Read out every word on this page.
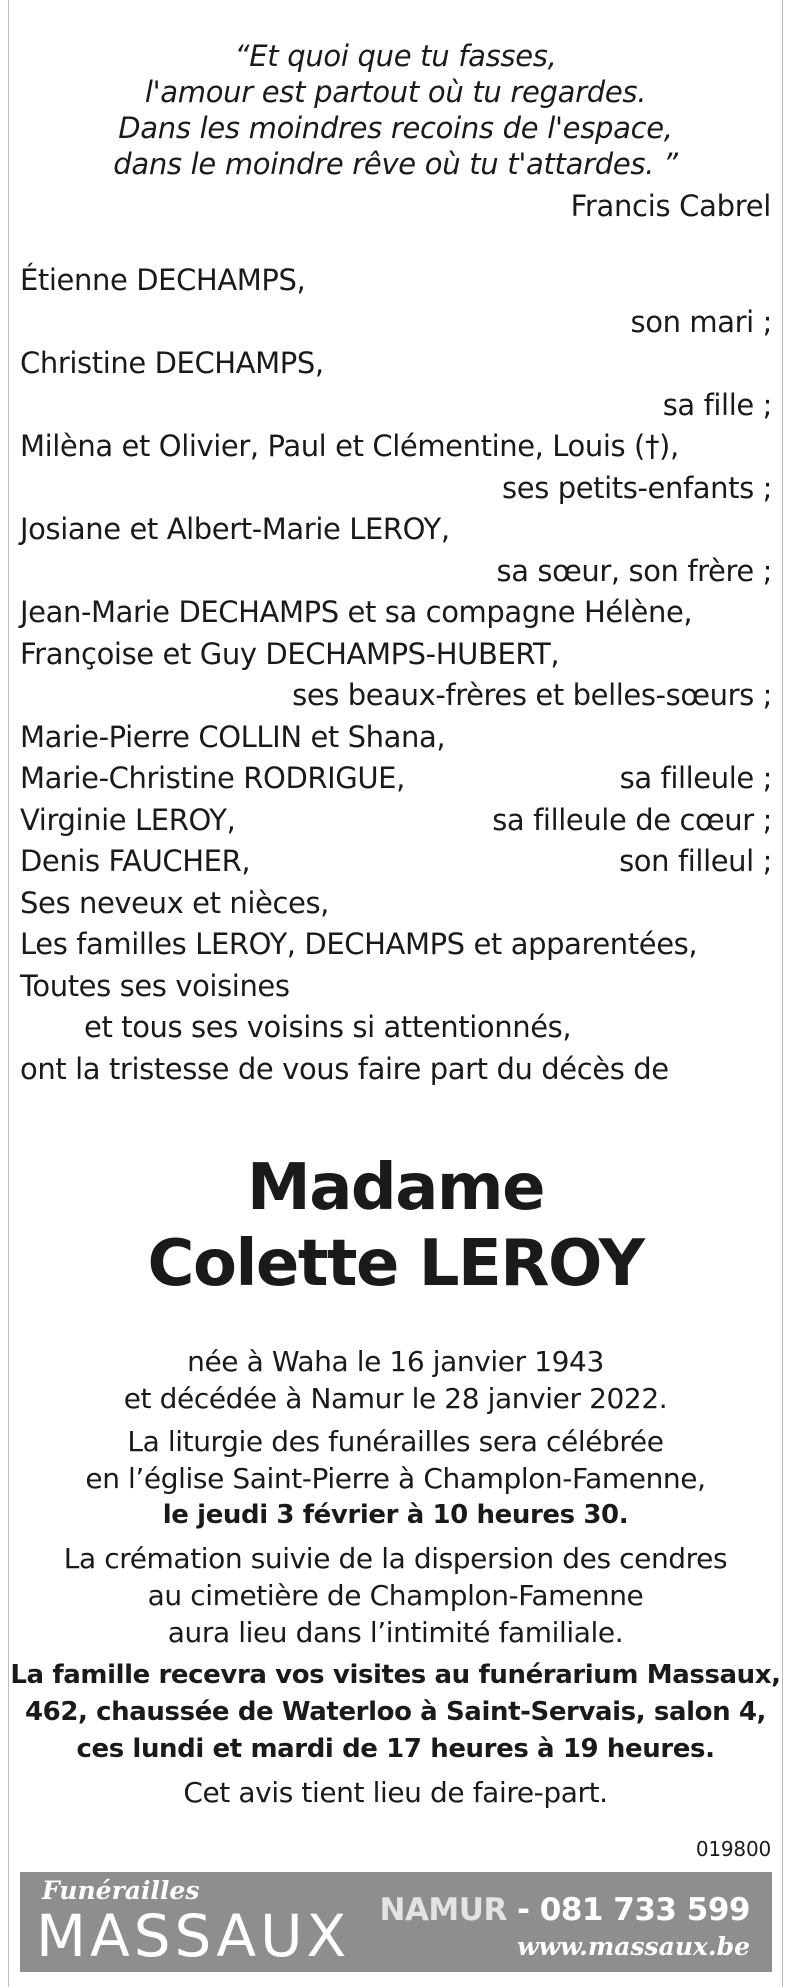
“Et quoi que tu fasses,
l'amour est partout où tu regardes.
Dans les moindres recoins de l'espace,
dans le moindre rêve où tu t'attardes. ”
Francis Cabrel
Étienne DECHAMPS,
son mari ;
Christine DECHAMPS,
sa fille ;
Milèna et Olivier, Paul et Clémentine, Louis (†),
ses petits-enfants ;
Josiane et Albert-Marie LEROY,
sa sœur, son frère ;
Jean-Marie DECHAMPS et sa compagne Hélène,
Françoise et Guy DECHAMPS-HUBERT,
ses beaux-frères et belles-sœurs ;
Marie-Pierre COLLIN et Shana,
Marie-Christine RODRIGUE,	sa filleule ;
Virginie LEROY,	sa filleule de cœur ;
Denis FAUCHER,	son filleul ;
Ses neveux et nièces,
Les familles LEROY, DECHAMPS et apparentées,
Toutes ses voisines
et tous ses voisins si attentionnés,
ont la tristesse de vous faire part du décès de
Madame
Colette LEROY
née à Waha le 16 janvier 1943
et décédée à Namur le 28 janvier 2022.
La liturgie des funérailles sera célébrée
en l’église Saint-Pierre à Champlon-Famenne,
le jeudi 3 février à 10 heures 30.
La crémation suivie de la dispersion des cendres
au cimetière de Champlon-Famenne
aura lieu dans l’intimité familiale.
La famille recevra vos visites au funérarium Massaux,
462, chaussée de Waterloo à Saint-Servais, salon 4,
ces lundi et mardi de 17 heures à 19 heures.
Cet avis tient lieu de faire-part.
019800
Funérailles
MASSAUX NAMUR - 081 733 599
www.massaux.be
